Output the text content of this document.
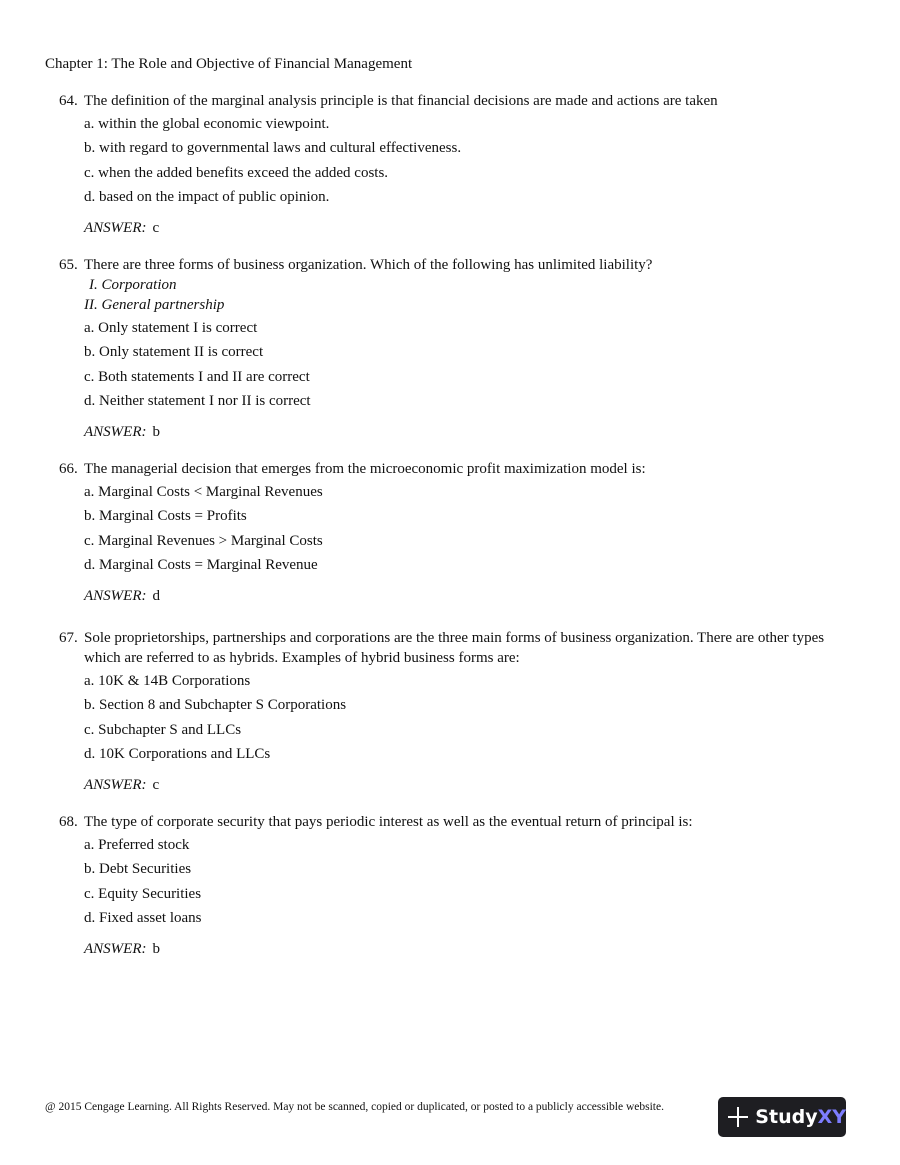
Chapter 1: The Role and Objective of Financial Management
64. The definition of the marginal analysis principle is that financial decisions are made and actions are taken
a. within the global economic viewpoint.
b. with regard to governmental laws and cultural effectiveness.
c. when the added benefits exceed the added costs.
d. based on the impact of public opinion.
ANSWER: c
65. There are three forms of business organization. Which of the following has unlimited liability?
I. Corporation
II. General partnership
a. Only statement I is correct
b. Only statement II is correct
c. Both statements I and II are correct
d. Neither statement I nor II is correct
ANSWER: b
66. The managerial decision that emerges from the microeconomic profit maximization model is:
a. Marginal Costs < Marginal Revenues
b. Marginal Costs = Profits
c. Marginal Revenues > Marginal Costs
d. Marginal Costs = Marginal Revenue
ANSWER: d
67. Sole proprietorships, partnerships and corporations are the three main forms of business organization. There are other types which are referred to as hybrids. Examples of hybrid business forms are:
a. 10K & 14B Corporations
b. Section 8 and Subchapter S Corporations
c. Subchapter S and LLCs
d. 10K Corporations and LLCs
ANSWER: c
68. The type of corporate security that pays periodic interest as well as the eventual return of principal is:
a. Preferred stock
b. Debt Securities
c. Equity Securities
d. Fixed asset loans
ANSWER: b
@ 2015 Cengage Learning. All Rights Reserved. May not be scanned, copied or duplicated, or posted to a publicly accessible website.	Study XY
